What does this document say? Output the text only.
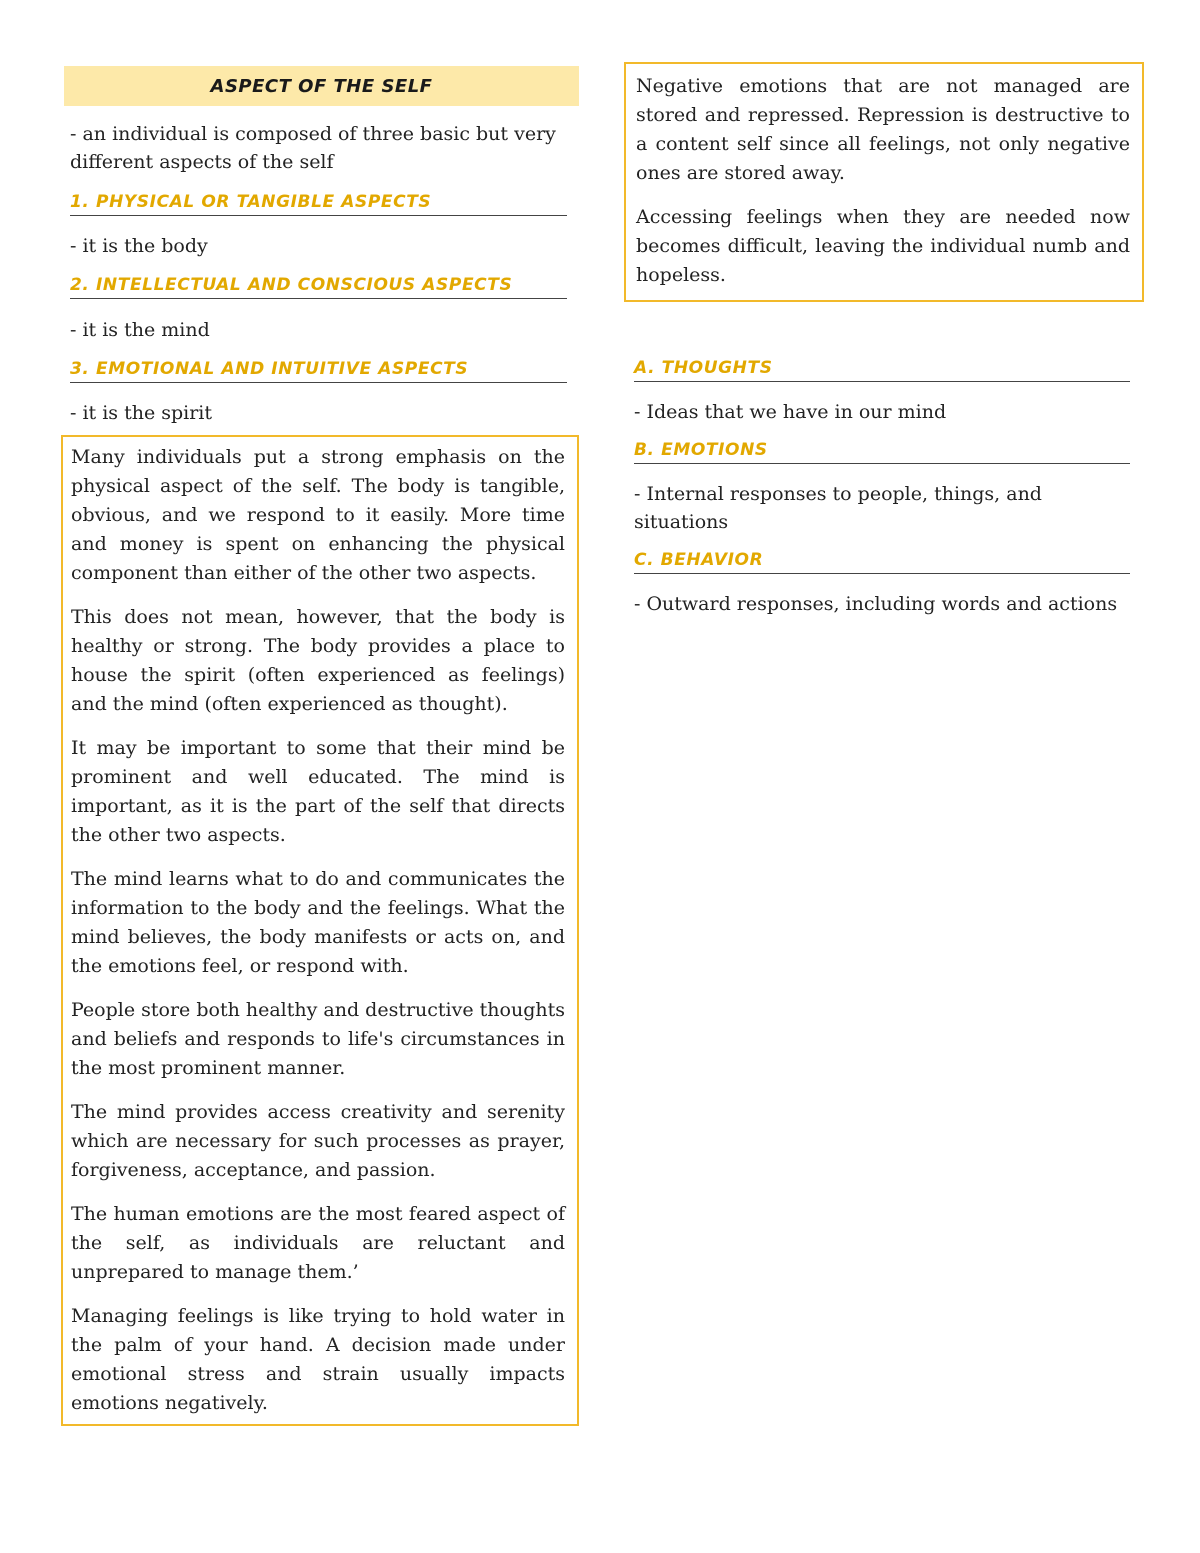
ASPECT OF THE SELF
- an individual is composed of three basic but very different aspects of the self
1. PHYSICAL OR TANGIBLE ASPECTS
- it is the body
2. INTELLECTUAL AND CONSCIOUS ASPECTS
- it is the mind
3. EMOTIONAL AND INTUITIVE ASPECTS
- it is the spirit

Many individuals put a strong emphasis on the physical aspect of the self. The body is tangible, obvious, and we respond to it easily. More time and money is spent on enhancing the physical component than either of the other two aspects.

This does not mean, however, that the body is healthy or strong. The body provides a place to house the spirit (often experienced as feelings) and the mind (often experienced as thought).

It may be important to some that their mind be prominent and well educated. The mind is important, as it is the part of the self that directs the other two aspects.

The mind learns what to do and communicates the information to the body and the feelings. What the mind believes, the body manifests or acts on, and the emotions feel, or respond with.

People store both healthy and destructive thoughts and beliefs and responds to life's circumstances in the most prominent manner.

The mind provides access creativity and serenity which are necessary for such processes as prayer, forgiveness, acceptance, and passion.

The human emotions are the most feared aspect of the self, as individuals are reluctant and unprepared to manage them.’

Managing feelings is like trying to hold water in the palm of your hand. A decision made under emotional stress and strain usually impacts emotions negatively.

Negative emotions that are not managed are stored and repressed. Repression is destructive to a content self since all feelings, not only negative ones are stored away.

Accessing feelings when they are needed now becomes difficult, leaving the individual numb and hopeless.

A. THOUGHTS
- Ideas that we have in our mind
B. EMOTIONS
- Internal responses to people, things, and situations
C. BEHAVIOR
- Outward responses, including words and actions
